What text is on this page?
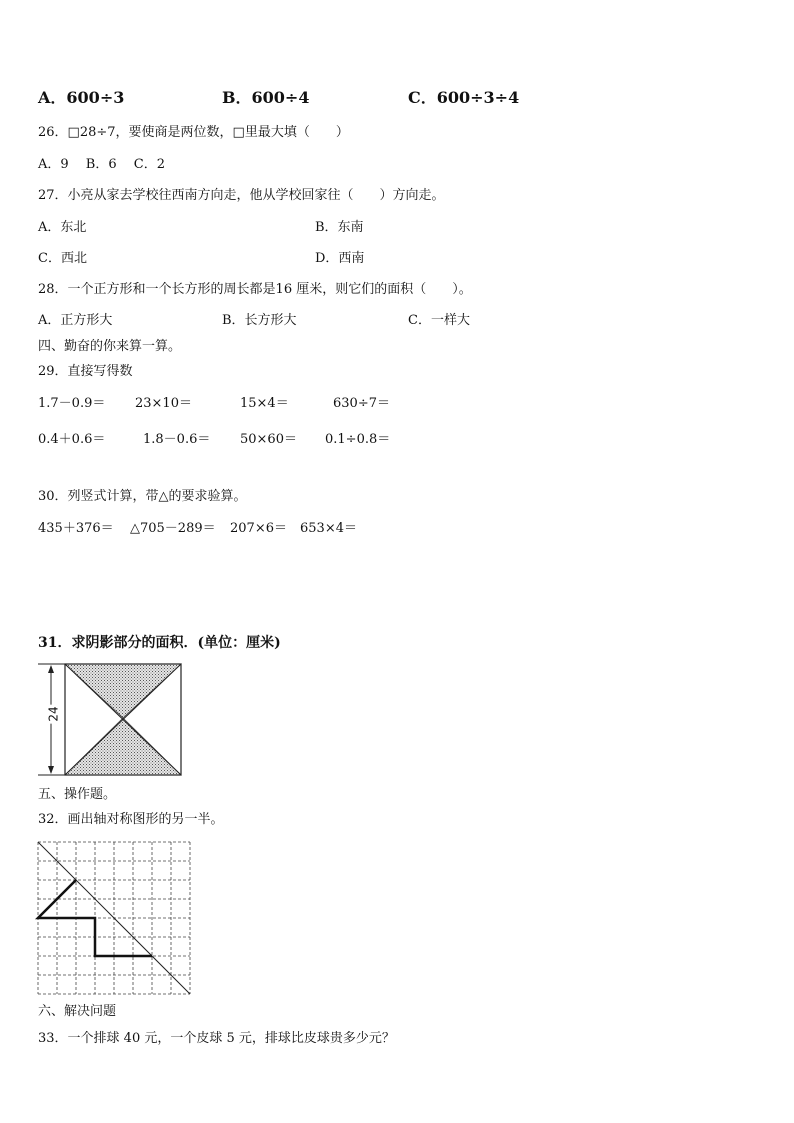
A．600÷3	B．600÷4	C．600÷3÷4
26．□28÷7，要使商是两位数，□里最大填（　　）
A．9　 B．6　 C．2
27．小亮从家去学校往西南方向走，他从学校回家往（　　）方向走。
A．东北	B．东南
C．西北	D．西南
28．一个正方形和一个长方形的周长都是16 厘米，则它们的面积（　　）。
A．正方形大	B．长方形大	C．一样大
四、勤奋的你来算一算。
29．直接写得数
1.7－0.9＝ 23×10＝	15×4＝	630÷7＝
0.4＋0.6＝	1.8－0.6＝ 50×60＝ 0.1÷0.8＝
30．列竖式计算，带△的要求验算。
435＋376＝ △705－289＝ 207×6＝ 653×4＝
31．求阴影部分的面积．(单位：厘米)
24
五、操作题。
32．画出轴对称图形的另一半。
六、解决问题
33．一个排球 40 元，一个皮球 5 元，排球比皮球贵多少元？
